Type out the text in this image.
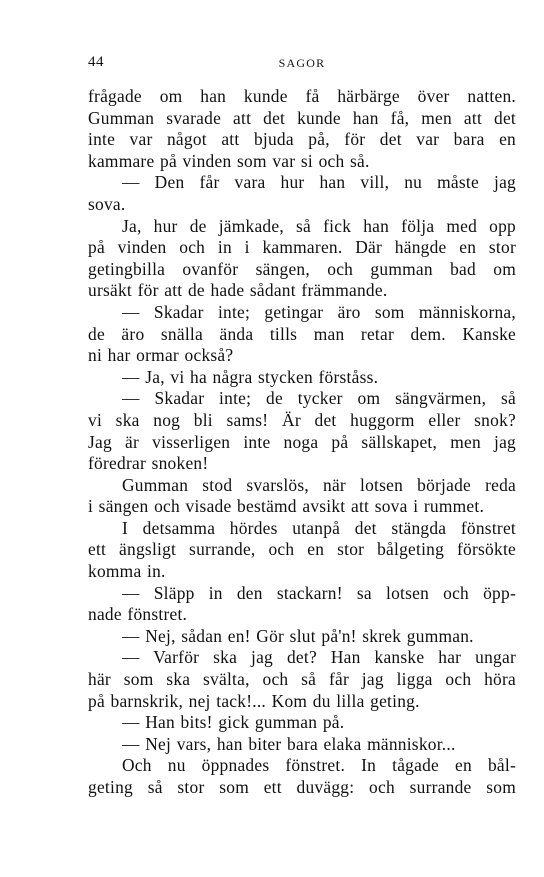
44	SAGOR
frågade om han kunde få härbärge över natten.
Gumman svarade att det kunde han få, men att det
inte var något att bjuda på, för det var bara en
kammare på vinden som var si och så.
— Den får vara hur han vill, nu måste jag
sova.
Ja, hur de jämkade, så fick han följa med opp
på vinden och in i kammaren. Där hängde en stor
getingbilla ovanför sängen, och gumman bad om
ursäkt för att de hade sådant främmande.
— Skadar inte; getingar äro som människorna,
de äro snälla ända tills man retar dem. Kanske
ni har ormar också?
— Ja, vi ha några stycken förståss.
— Skadar inte; de tycker om sängvärmen, så
vi ska nog bli sams! Är det huggorm eller snok?
Jag är visserligen inte noga på sällskapet, men jag
föredrar snoken!
Gumman stod svarslös, när lotsen började reda
i sängen och visade bestämd avsikt att sova i rummet.
I detsamma hördes utanpå det stängda fönstret
ett ängsligt surrande, och en stor bålgeting försökte
komma in.
— Släpp in den stackarn! sa lotsen och öpp-
nade fönstret.
— Nej, sådan en! Gör slut på'n! skrek gumman.
— Varför ska jag det? Han kanske har ungar
här som ska svälta, och så får jag ligga och höra
på barnskrik, nej tack!... Kom du lilla geting.
— Han bits! gick gumman på.
— Nej vars, han biter bara elaka människor...
Och nu öppnades fönstret. In tågade en bål-
geting så stor som ett duvägg: och surrande som
